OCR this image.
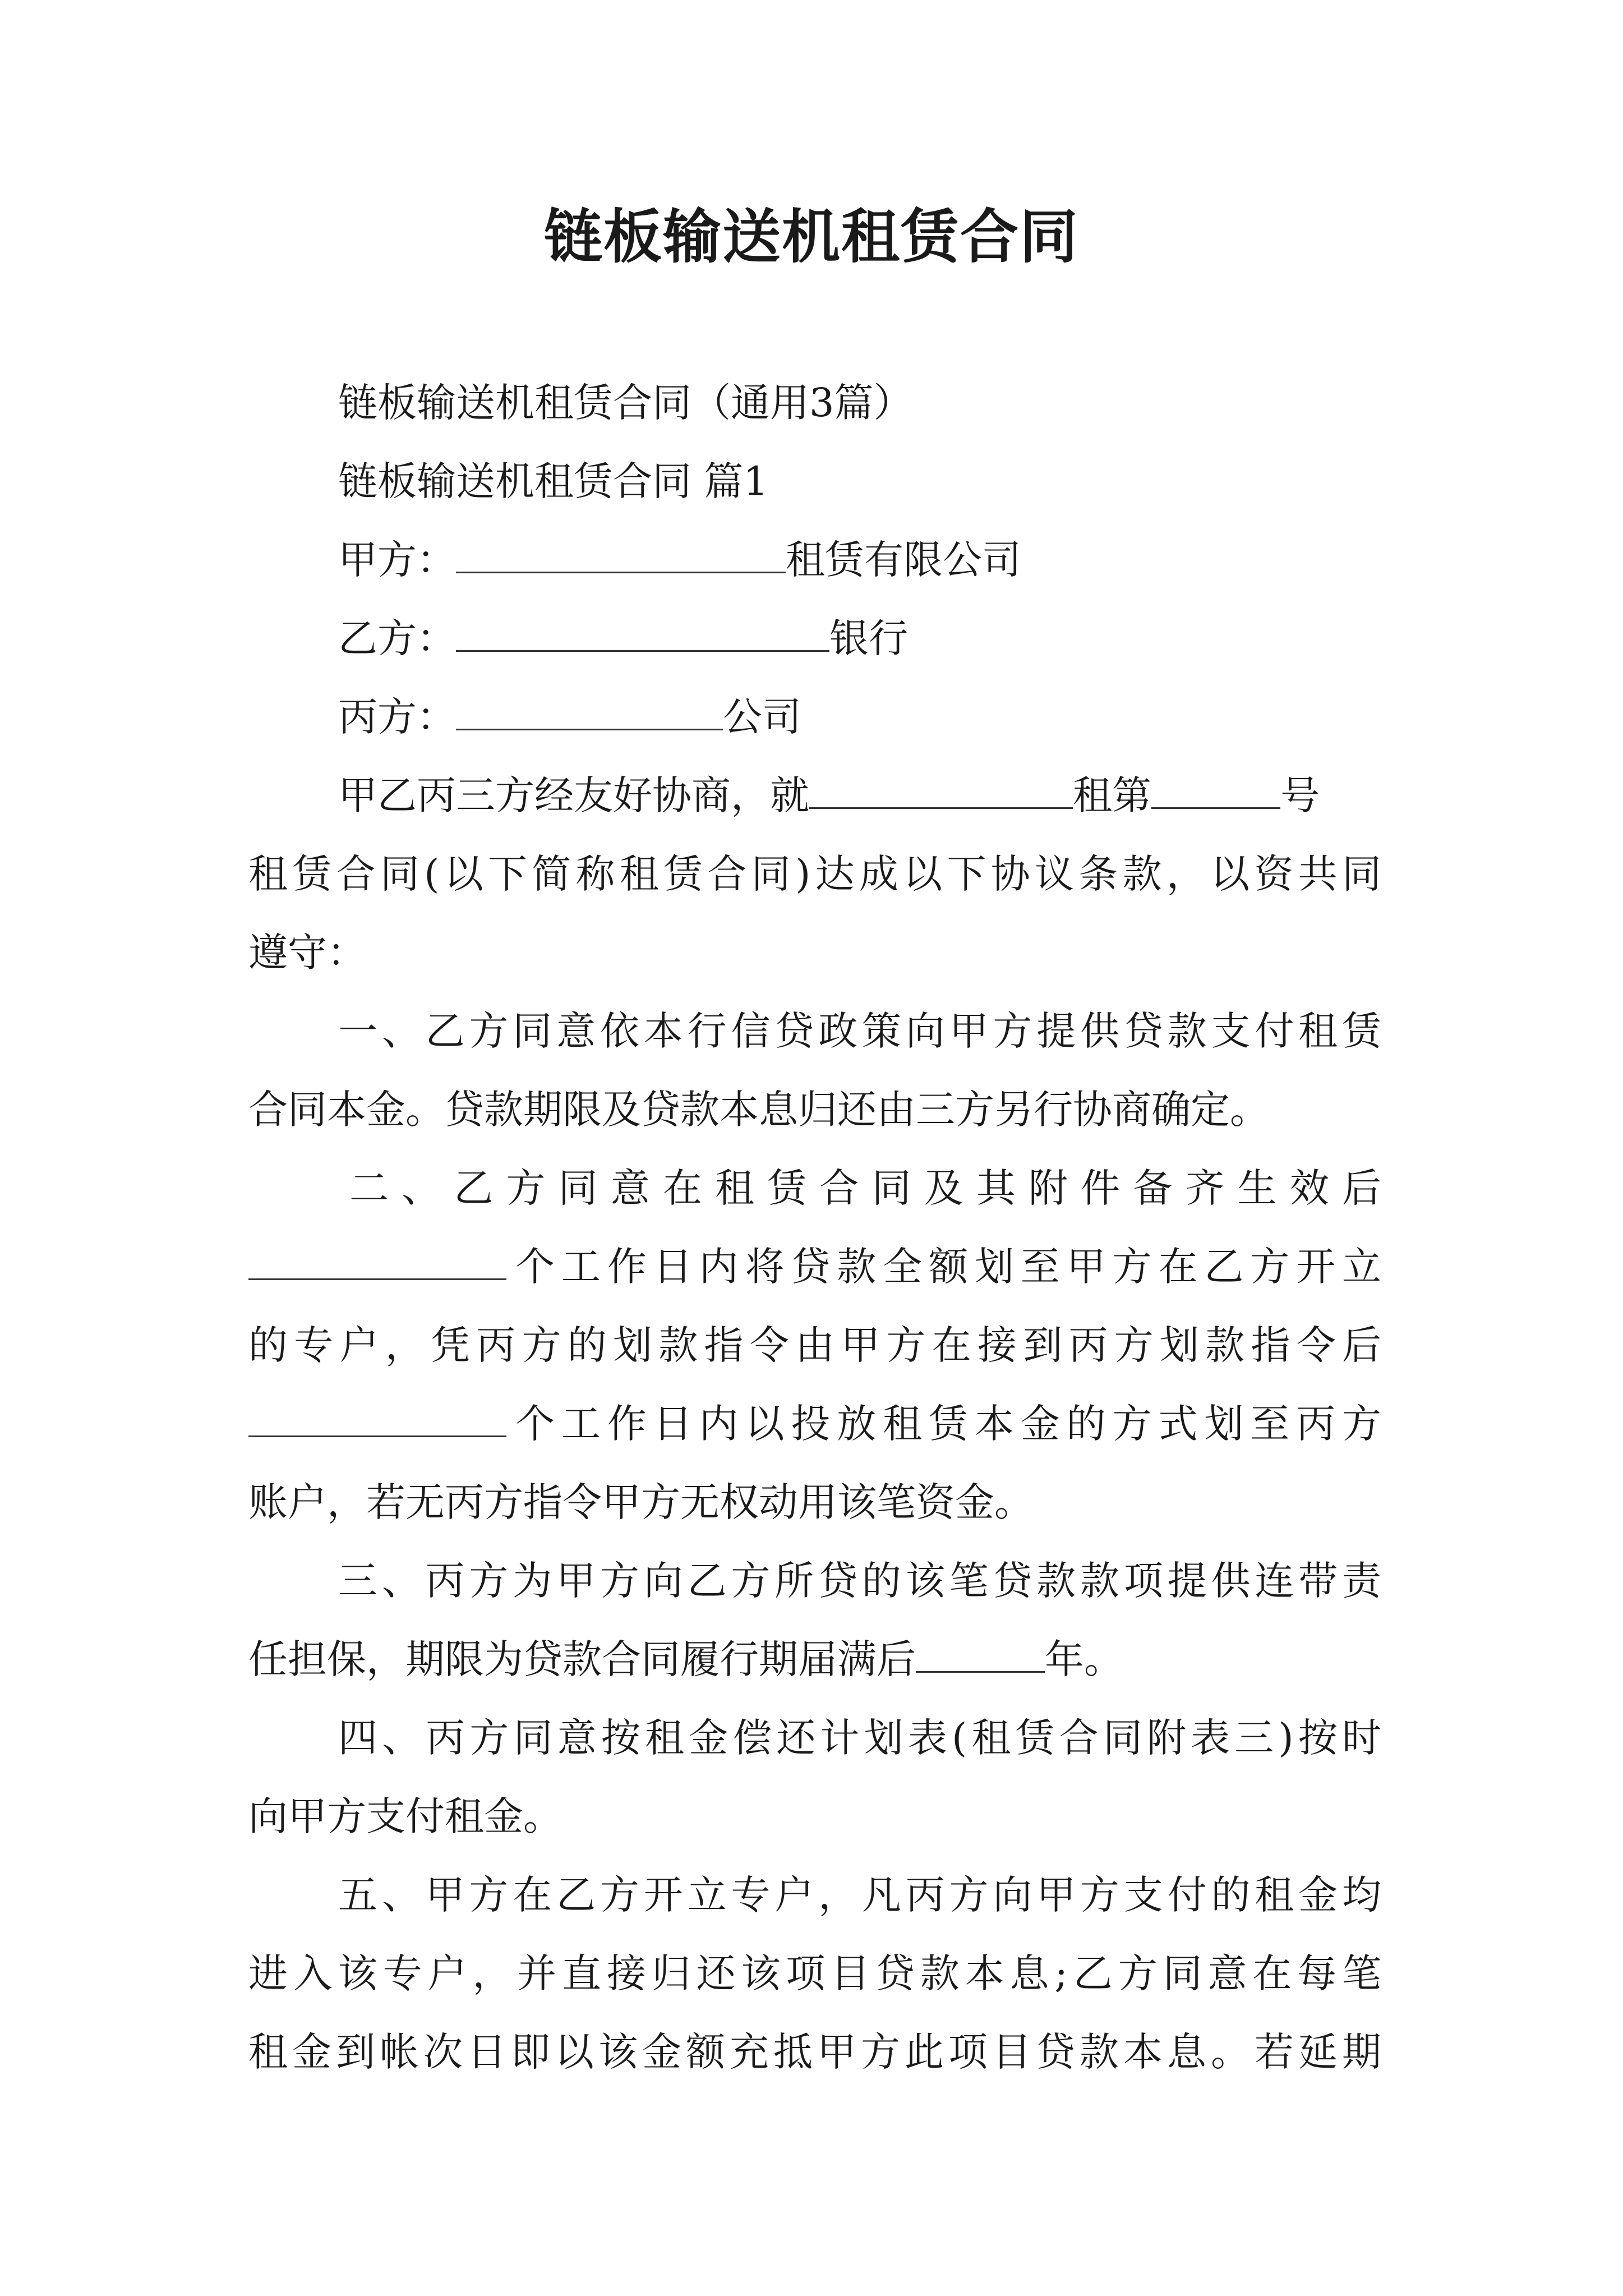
链板输送机租赁合同
链板输送机租赁合同（通用3篇）
链板输送机租赁合同 篇1
甲方：	租赁有限公司
乙方：	银行
丙方：	公司
甲乙丙三方经友好协商，就	租第	号
租赁合同(以下简称租赁合同)达成以下协议条款，以资共同
遵守：
一、乙方同意依本行信贷政策向甲方提供贷款支付租赁
合同本金。贷款期限及贷款本息归还由三方另行协商确定。
二、乙方同意在租赁合同及其附件备齐生效后
个工作日内将贷款全额划至甲方在乙方开立
的专户，凭丙方的划款指令由甲方在接到丙方划款指令后
个工作日内以投放租赁本金的方式划至丙方
账户，若无丙方指令甲方无权动用该笔资金。
三、丙方为甲方向乙方所贷的该笔贷款款项提供连带责
任担保，期限为贷款合同履行期届满后	年。
四、丙方同意按租金偿还计划表(租赁合同附表三)按时
向甲方支付租金。
五、甲方在乙方开立专户，凡丙方向甲方支付的租金均
进入该专户，并直接归还该项目贷款本息;乙方同意在每笔
租金到帐次日即以该金额充抵甲方此项目贷款本息。若延期
